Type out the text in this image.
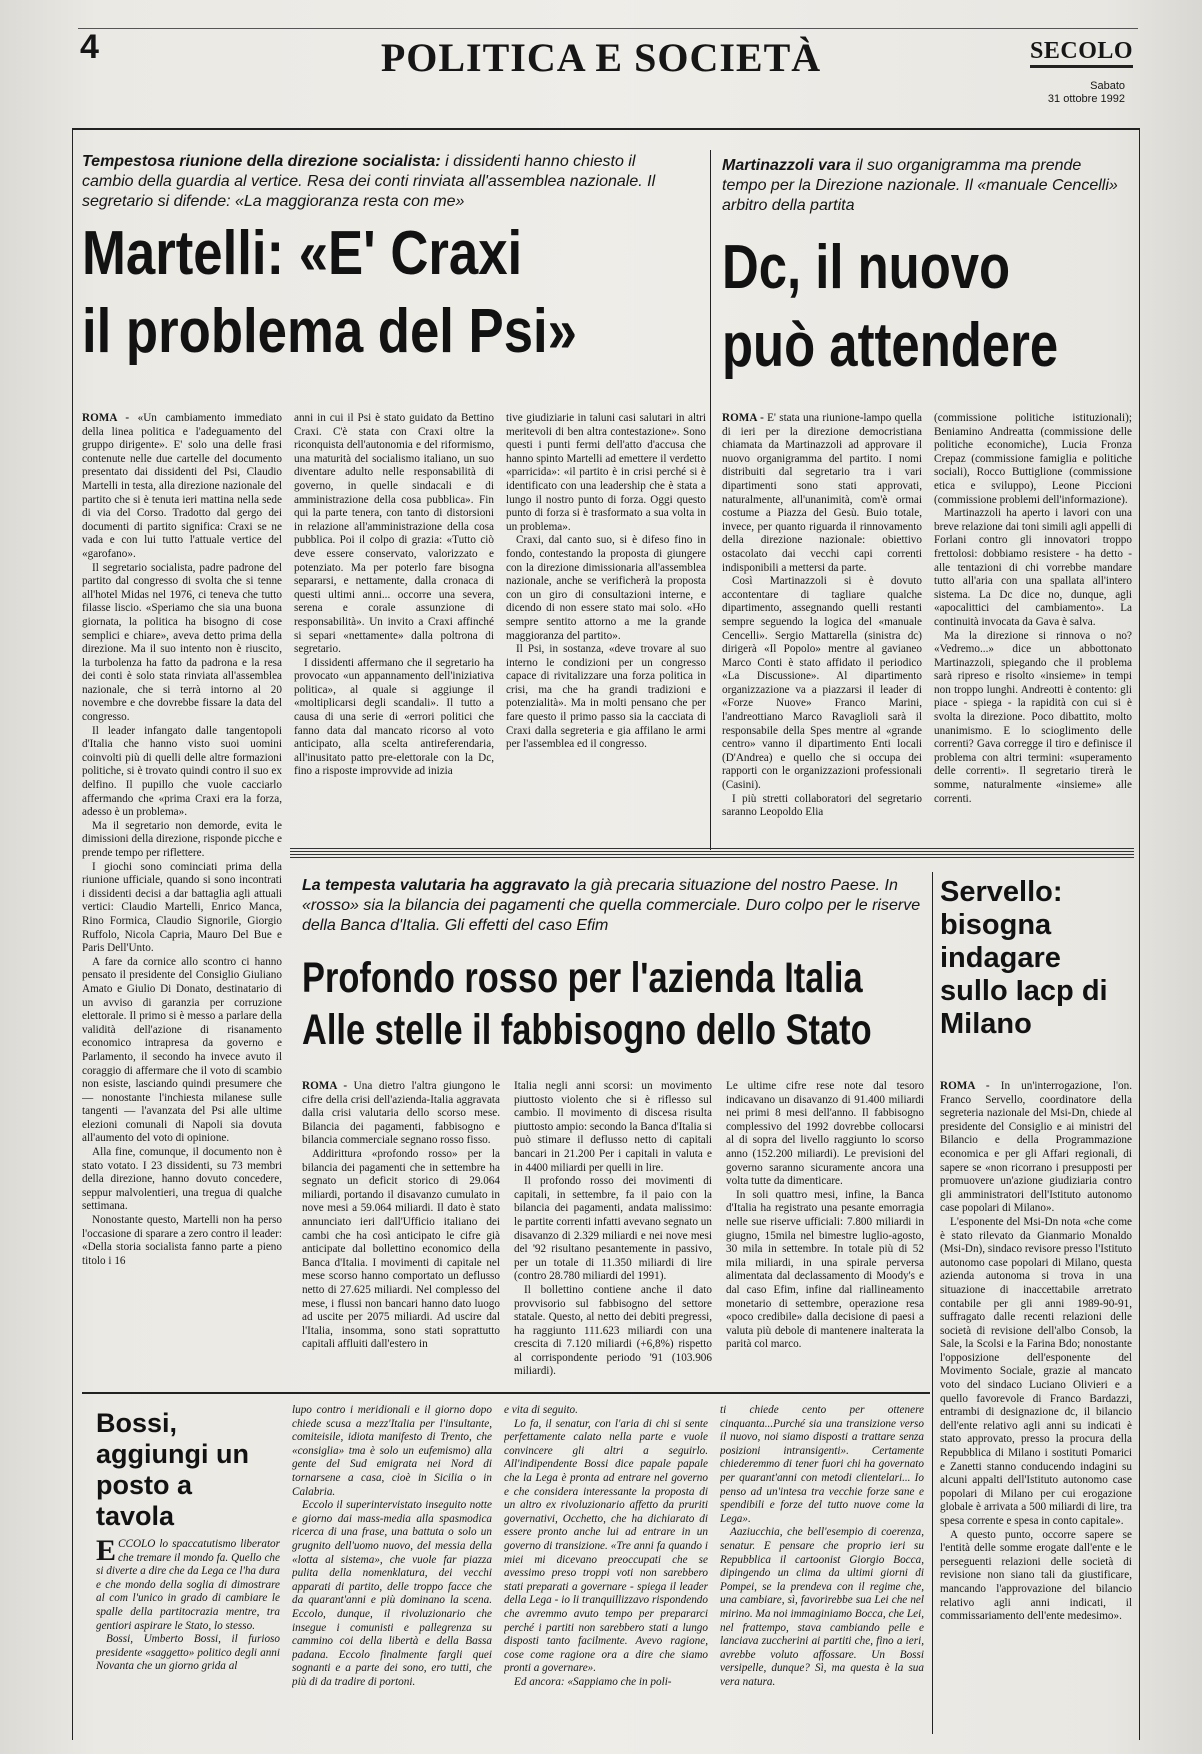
4	POLITICA E SOCIETÀ	SECOLO
Sabato
31 ottobre 1992
Tempestosa riunione della direzione socialista: i dissidenti hanno chiesto il cambio della guardia al vertice. Resa dei conti rinviata all'assemblea nazionale. Il segretario si difende: «La maggioranza resta con me»
Martelli: «E' Craxi
il problema del Psi»

ROMA - «Un cambiamento immediato della linea politica e l'adeguamento del gruppo dirigente». E' solo una delle frasi contenute nelle due cartelle del documento presentato dai dissidenti del Psi, Claudio Martelli in testa, alla direzione nazionale del partito che si è tenuta ieri mattina nella sede di via del Corso. Tradotto dal gergo dei documenti di partito significa: Craxi se ne vada e con lui tutto l'attuale vertice del «garofano».

Il segretario socialista, padre padrone del partito dal congresso di svolta che si tenne all'hotel Midas nel 1976, ci teneva che tutto filasse liscio. «Speriamo che sia una buona giornata, la politica ha bisogno di cose semplici e chiare», aveva detto prima della direzione. Ma il suo intento non è riuscito, la turbolenza ha fatto da padrona e la resa dei conti è solo stata rinviata all'assemblea nazionale, che si terrà intorno al 20 novembre e che dovrebbe fissare la data del congresso.

Il leader infangato dalle tangentopoli d'Italia che hanno visto suoi uomini coinvolti più di quelli delle altre formazioni politiche, si è trovato quindi contro il suo ex delfino. Il pupillo che vuole cacciarlo affermando che «prima Craxi era la forza, adesso è un problema».

Ma il segretario non demorde, evita le dimissioni della direzione, risponde picche e prende tempo per riflettere.

I giochi sono cominciati prima della riunione ufficiale, quando si sono incontrati i dissidenti decisi a dar battaglia agli attuali vertici: Claudio Martelli, Enrico Manca, Rino Formica, Claudio Signorile, Giorgio Ruffolo, Nicola Capria, Mauro Del Bue e Paris Dell'Unto.

A fare da cornice allo scontro ci hanno pensato il presidente del Consiglio Giuliano Amato e Giulio Di Donato, destinatario di un avviso di garanzia per corruzione elettorale. Il primo si è messo a parlare della validità dell'azione di risanamento economico intrapresa da governo e Parlamento, il secondo ha invece avuto il coraggio di affermare che il voto di scambio non esiste, lasciando quindi presumere che — nonostante l'inchiesta milanese sulle tangenti — l'avanzata del Psi alle ultime elezioni comunali di Napoli sia dovuta all'aumento del voto di opinione.

Alla fine, comunque, il documento non è stato votato. I 23 dissidenti, su 73 membri della direzione, hanno dovuto concedere, seppur malvolentieri, una tregua di qualche settimana.

Nonostante questo, Martelli non ha perso l'occasione di sparare a zero contro il leader: «Della storia socialista fanno parte a pieno titolo i 16

anni in cui il Psi è stato guidato da Bettino Craxi. C'è stata con Craxi oltre la riconquista dell'autonomia e del riformismo, una maturità del socialismo italiano, un suo diventare adulto nelle responsabilità di governo, in quelle sindacali e di amministrazione della cosa pubblica». Fin qui la parte tenera, con tanto di distorsioni in relazione all'amministrazione della cosa pubblica. Poi il colpo di grazia: «Tutto ciò deve essere conservato, valorizzato e potenziato. Ma per poterlo fare bisogna separarsi, e nettamente, dalla cronaca di questi ultimi anni... occorre una severa, serena e corale assunzione di responsabilità». Un invito a Craxi affinché si separi «nettamente» dalla poltrona di segretario.

I dissidenti affermano che il segretario ha provocato «un appannamento dell'iniziativa politica», al quale si aggiunge il «moltiplicarsi degli scandali». Il tutto a causa di una serie di «errori politici che fanno data dal mancato ricorso al voto anticipato, alla scelta antireferendaria, all'inusitato patto pre-elettorale con la Dc, fino a risposte improvvide ad inizia

tive giudiziarie in taluni casi salutari in altri meritevoli di ben altra contestazione». Sono questi i punti fermi dell'atto d'accusa che hanno spinto Martelli ad emettere il verdetto «parricida»: «il partito è in crisi perché si è identificato con una leadership che è stata a lungo il nostro punto di forza. Oggi questo punto di forza si è trasformato a sua volta in un problema».

Craxi, dal canto suo, si è difeso fino in fondo, contestando la proposta di giungere con la direzione dimissionaria all'assemblea nazionale, anche se verificherà la proposta con un giro di consultazioni interne, e dicendo di non essere stato mai solo. «Ho sempre sentito attorno a me la grande maggioranza del partito».

Il Psi, in sostanza, «deve trovare al suo interno le condizioni per un congresso capace di rivitalizzare una forza politica in crisi, ma che ha grandi tradizioni e potenzialità». Ma in molti pensano che per fare questo il primo passo sia la cacciata di Craxi dalla segreteria e gia affilano le armi per l'assemblea ed il congresso.

Martinazzoli vara il suo organigramma ma prende tempo per la Direzione nazionale. Il «manuale Cencelli» arbitro della partita
Dc, il nuovo
può attendere

ROMA - E' stata una riunione-lampo quella di ieri per la direzione democristiana chiamata da Martinazzoli ad approvare il nuovo organigramma del partito. I nomi distribuiti dal segretario tra i vari dipartimenti sono stati approvati, naturalmente, all'unanimità, com'è ormai costume a Piazza del Gesù. Buio totale, invece, per quanto riguarda il rinnovamento della direzione nazionale: obiettivo ostacolato dai vecchi capi correnti indisponibili a mettersi da parte.

Così Martinazzoli si è dovuto accontentare di tagliare qualche dipartimento, assegnando quelli restanti sempre seguendo la logica del «manuale Cencelli». Sergio Mattarella (sinistra dc) dirigerà «Il Popolo» mentre al gavianeo Marco Conti è stato affidato il periodico «La Discussione». Al dipartimento organizzazione va a piazzarsi il leader di «Forze Nuove» Franco Marini, l'andreottiano Marco Ravaglioli sarà il responsabile della Spes mentre al «grande centro» vanno il dipartimento Enti locali (D'Andrea) e quello che si occupa dei rapporti con le organizzazioni professionali (Casini).

I più stretti collaboratori del segretario saranno Leopoldo Elia

(commissione politiche istituzionali); Beniamino Andreatta (commissione delle politiche economiche), Lucia Fronza Crepaz (commissione famiglia e politiche sociali), Rocco Buttiglione (commissione etica e sviluppo), Leone Piccioni (commissione problemi dell'informazione).

Martinazzoli ha aperto i lavori con una breve relazione dai toni simili agli appelli di Forlani contro gli innovatori troppo frettolosi: dobbiamo resistere - ha detto - alle tentazioni di chi vorrebbe mandare tutto all'aria con una spallata all'intero sistema. La Dc dice no, dunque, agli «apocalittici del cambiamento». La continuità invocata da Gava è salva.

Ma la direzione si rinnova o no? «Vedremo...» dice un abbottonato Martinazzoli, spiegando che il problema sarà ripreso e risolto «insieme» in tempi non troppo lunghi. Andreotti è contento: gli piace - spiega - la rapidità con cui si è svolta la direzione. Poco dibattito, molto unanimismo. E lo scioglimento delle correnti? Gava corregge il tiro e definisce il problema con altri termini: «superamento delle correnti». Il segretario tirerà le somme, naturalmente «insieme» alle correnti.

La tempesta valutaria ha aggravato la già precaria situazione del nostro Paese. In «rosso» sia la bilancia dei pagamenti che quella commerciale. Duro colpo per le riserve della Banca d'Italia. Gli effetti del caso Efim
Profondo rosso per l'azienda Italia
Alle stelle il fabbisogno dello Stato

ROMA - Una dietro l'altra giungono le cifre della crisi dell'azienda-Italia aggravata dalla crisi valutaria dello scorso mese. Bilancia dei pagamenti, fabbisogno e bilancia commerciale segnano rosso fisso.

Addirittura «profondo rosso» per la bilancia dei pagamenti che in settembre ha segnato un deficit storico di 29.064 miliardi, portando il disavanzo cumulato in nove mesi a 59.064 miliardi. Il dato è stato annunciato ieri dall'Ufficio italiano dei cambi che ha così anticipato le cifre già anticipate dal bollettino economico della Banca d'Italia. I movimenti di capitale nel mese scorso hanno comportato un deflusso netto di 27.625 miliardi. Nel complesso del mese, i flussi non bancari hanno dato luogo ad uscite per 2075 miliardi. Ad uscire dal l'Italia, insomma, sono stati soprattutto capitali affluiti dall'estero in

Italia negli anni scorsi: un movimento piuttosto violento che si è riflesso sul cambio. Il movimento di discesa risulta piuttosto ampio: secondo la Banca d'Italia si può stimare il deflusso netto di capitali bancari in 21.200 Per i capitali in valuta e in 4400 miliardi per quelli in lire.

Il profondo rosso dei movimenti di capitali, in settembre, fa il paio con la bilancia dei pagamenti, andata malissimo: le partite correnti infatti avevano segnato un disavanzo di 2.329 miliardi e nei nove mesi del '92 risultano pesantemente in passivo, per un totale di 11.350 miliardi di lire (contro 28.780 miliardi del 1991).

Il bollettino contiene anche il dato provvisorio sul fabbisogno del settore statale. Questo, al netto dei debiti pregressi, ha raggiunto 111.623 miliardi con una crescita di 7.120 miliardi (+6,8%) rispetto al corrispondente periodo '91 (103.906 miliardi).

Le ultime cifre rese note dal tesoro indicavano un disavanzo di 91.400 miliardi nei primi 8 mesi dell'anno. Il fabbisogno complessivo del 1992 dovrebbe collocarsi al di sopra del livello raggiunto lo scorso anno (152.200 miliardi). Le previsioni del governo saranno sicuramente ancora una volta tutte da dimenticare.

In soli quattro mesi, infine, la Banca d'Italia ha registrato una pesante emorragia nelle sue riserve ufficiali: 7.800 miliardi in giugno, 15mila nel bimestre luglio-agosto, 30 mila in settembre. In totale più di 52 mila miliardi, in una spirale perversa alimentata dal declassamento di Moody's e dal caso Efim, infine dal riallineamento monetario di settembre, operazione resa «poco credibile» dalla decisione di paesi a valuta più debole di mantenere inalterata la parità col marco.

Servello: bisogna indagare sullo Iacp di Milano

ROMA - In un'interrogazione, l'on. Franco Servello, coordinatore della segreteria nazionale del Msi-Dn, chiede al presidente del Consiglio e ai ministri del Bilancio e della Programmazione economica e per gli Affari regionali, di sapere se «non ricorrano i presupposti per promuovere un'azione giudiziaria contro gli amministratori dell'Istituto autonomo case popolari di Milano».

L'esponente del Msi-Dn nota «che come è stato rilevato da Gianmario Monaldo (Msi-Dn), sindaco revisore presso l'Istituto autonomo case popolari di Milano, questa azienda autonoma si trova in una situazione di inaccettabile arretrato contabile per gli anni 1989-90-91, suffragato dalle recenti relazioni delle società di revisione dell'albo Consob, la Sale, la Scolsi e la Farina Bdo; nonostante l'opposizione dell'esponente del Movimento Sociale, grazie al mancato voto del sindaco Luciano Olivieri e a quello favorevole di Franco Bardazzi, entrambi di designazione dc, il bilancio dell'ente relativo agli anni su indicati è stato approvato, presso la procura della Repubblica di Milano i sostituti Pomarici e Zanetti stanno conducendo indagini su alcuni appalti dell'Istituto autonomo case popolari di Milano per cui erogazione globale è arrivata a 500 miliardi di lire, tra spesa corrente e spesa in conto capitale».

A questo punto, occorre sapere se l'entità delle somme erogate dall'ente e le perseguenti relazioni delle società di revisione non siano tali da giustificare, mancando l'approvazione del bilancio relativo agli anni indicati, il commissariamento dell'ente medesimo».

Bossi, aggiungi un posto a tavola

ECCOLO lo spaccatutismo liberator che tremare il mondo fa. Quello che si diverte a dire che da Lega ce l'ha dura e che mondo della soglia di dimostrare al com l'unico in grado di cambiare le spalle della partitocrazia mentre, tra gentiori aspirare le Stato, lo stesso.

Bossi, Umberto Bossi, il furioso presidente «saggetto» politico degli anni Novanta che un giorno grida al

lupo contro i meridionali e il giorno dopo chiede scusa a mezz'Italia per l'insultante, comiteisile, idiota manifesto di Trento, che «consiglia» tma è solo un eufemismo) alla gente del Sud emigrata nei Nord di tornarsene a casa, cioè in Sicilia o in Calabria.

Eccolo il superintervistato inseguito notte e giorno dai mass-media alla spasmodica ricerca di una frase, una battuta o solo un grugnito dell'uomo nuovo, del messia della «lotta al sistema», che vuole far piazza pulita della nomenklatura, dei vecchi apparati di partito, delle troppo facce che da quarant'anni e più dominano la scena. Eccolo, dunque, il rivoluzionario che insegue i comunisti e pallegrenza su cammino coi della libertà e della Bassa padana. Eccolo finalmente fargli quei sognanti e a parte dei sono, ero tutti, che più di da tradire di portoni.

e vita di seguito.

Lo fa, il senatur, con l'aria di chi si sente perfettamente calato nella parte e vuole convincere gli altri a seguirlo. All'indipendente Bossi dice papale papale che la Lega è pronta ad entrare nel governo e che considera interessante la proposta di un altro ex rivoluzionario affetto da pruriti governativi, Occhetto, che ha dichiarato di essere pronto anche lui ad entrare in un governo di transizione. «Tre anni fa quando i miei mi dicevano preoccupati che se avessimo preso troppi voti non sarebbero stati preparati a governare - spiega il leader della Lega - io li tranquillizzavo rispondendo che avremmo avuto tempo per prepararci perché i partiti non sarebbero stati a lungo disposti tanto facilmente. Avevo ragione, cose come ragione ora a dire che siamo pronti a governare».

Ed ancora: «Sappiamo che in poli-

ti chiede cento per ottenere cinquanta...Purché sia una transizione verso il nuovo, noi siamo disposti a trattare senza posizioni intransigenti». Certamente chiederemmo di tener fuori chi ha governato per quarant'anni con metodi clientelari... Io penso ad un'intesa tra vecchie forze sane e spendibili e forze del tutto nuove come la Lega».

Aaziucchia, che bell'esempio di coerenza, senatur. E pensare che proprio ieri su Repubblica il cartoonist Giorgio Bocca, dipingendo un clima da ultimi giorni di Pompei, se la prendeva con il regime che, una cambiare, sì, favorirebbe sua Lei che nel mirino. Ma noi immaginiamo Bocca, che Lei, nel frattempo, stava cambiando pelle e lanciava zuccherini ai partiti che, fino a ieri, avrebbe voluto affossare. Un Bossi versipelle, dunque? Sì, ma questa è la sua vera natura.
